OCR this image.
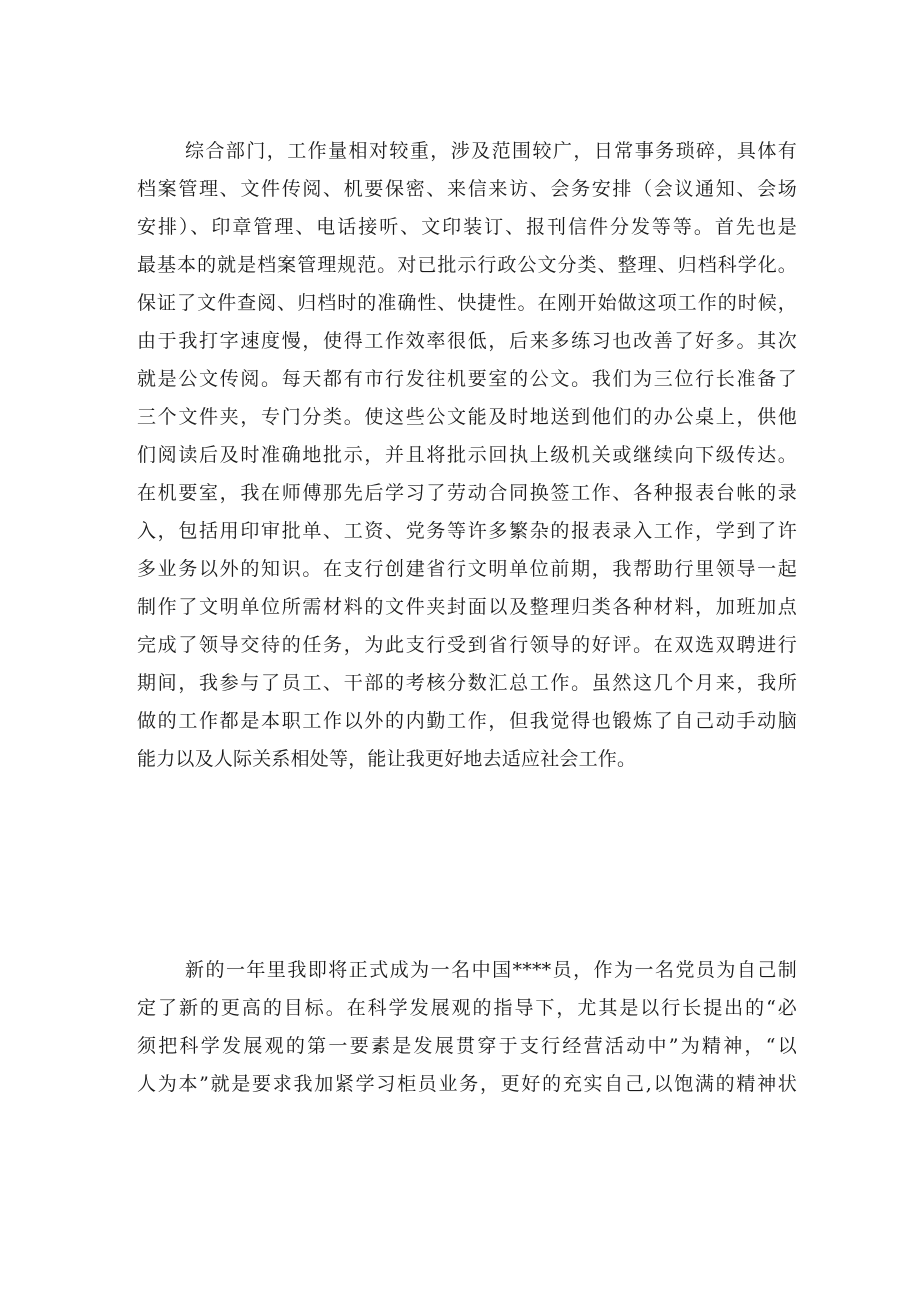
综合部门，工作量相对较重，涉及范围较广，日常事务琐碎，具体有
档案管理、文件传阅、机要保密、来信来访、会务安排（会议通知、会场
安排）、印章管理、电话接听、文印装订、报刊信件分发等等。首先也是
最基本的就是档案管理规范。对已批示行政公文分类、整理、归档科学化。
保证了文件查阅、归档时的准确性、快捷性。在刚开始做这项工作的时候，
由于我打字速度慢，使得工作效率很低，后来多练习也改善了好多。其次
就是公文传阅。每天都有市行发往机要室的公文。我们为三位行长准备了
三个文件夹，专门分类。使这些公文能及时地送到他们的办公桌上，供他
们阅读后及时准确地批示，并且将批示回执上级机关或继续向下级传达。
在机要室，我在师傅那先后学习了劳动合同换签工作、各种报表台帐的录
入，包括用印审批单、工资、党务等许多繁杂的报表录入工作，学到了许
多业务以外的知识。在支行创建省行文明单位前期，我帮助行里领导一起
制作了文明单位所需材料的文件夹封面以及整理归类各种材料，加班加点
完成了领导交待的任务，为此支行受到省行领导的好评。在双选双聘进行
期间，我参与了员工、干部的考核分数汇总工作。虽然这几个月来，我所
做的工作都是本职工作以外的内勤工作，但我觉得也锻炼了自己动手动脑
能力以及人际关系相处等，能让我更好地去适应社会工作。
新的一年里我即将正式成为一名中国****员，作为一名党员为自己制
定了新的更高的目标。在科学发展观的指导下，尤其是以行长提出的“必
须把科学发展观的第一要素是发展贯穿于支行经营活动中”为精神，“以
人为本”就是要求我加紧学习柜员业务，更好的充实自己,以饱满的精神状
